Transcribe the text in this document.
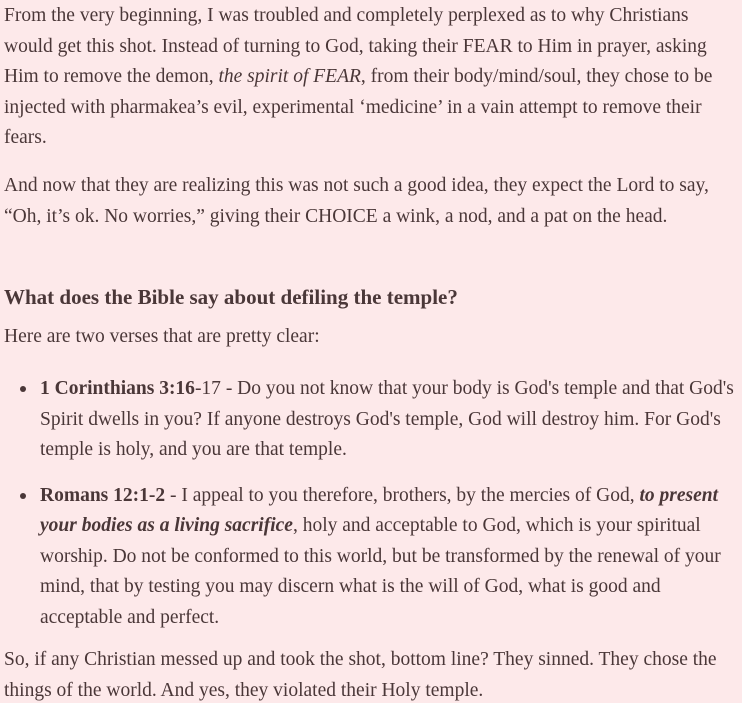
From the very beginning, I was troubled and completely perplexed as to why Christians would get this shot. Instead of turning to God, taking their FEAR to Him in prayer, asking Him to remove the demon, the spirit of FEAR, from their body/mind/soul, they chose to be injected with pharmakea’s evil, experimental ‘medicine’ in a vain attempt to remove their fears.

And now that they are realizing this was not such a good idea, they expect the Lord to say, “Oh, it’s ok. No worries,” giving their CHOICE a wink, a nod, and a pat on the head.

What does the Bible say about defiling the temple?

Here are two verses that are pretty clear:

1 Corinthians 3:16-17 - Do you not know that your body is God's temple and that God's Spirit dwells in you? If anyone destroys God's temple, God will destroy him. For God's temple is holy, and you are that temple.
Romans 12:1-2 - I appeal to you therefore, brothers, by the mercies of God, to present your bodies as a living sacrifice, holy and acceptable to God, which is your spiritual worship. Do not be conformed to this world, but be transformed by the renewal of your mind, that by testing you may discern what is the will of God, what is good and acceptable and perfect.

So, if any Christian messed up and took the shot, bottom line? They sinned. They chose the things of the world. And yes, they violated their Holy temple.
